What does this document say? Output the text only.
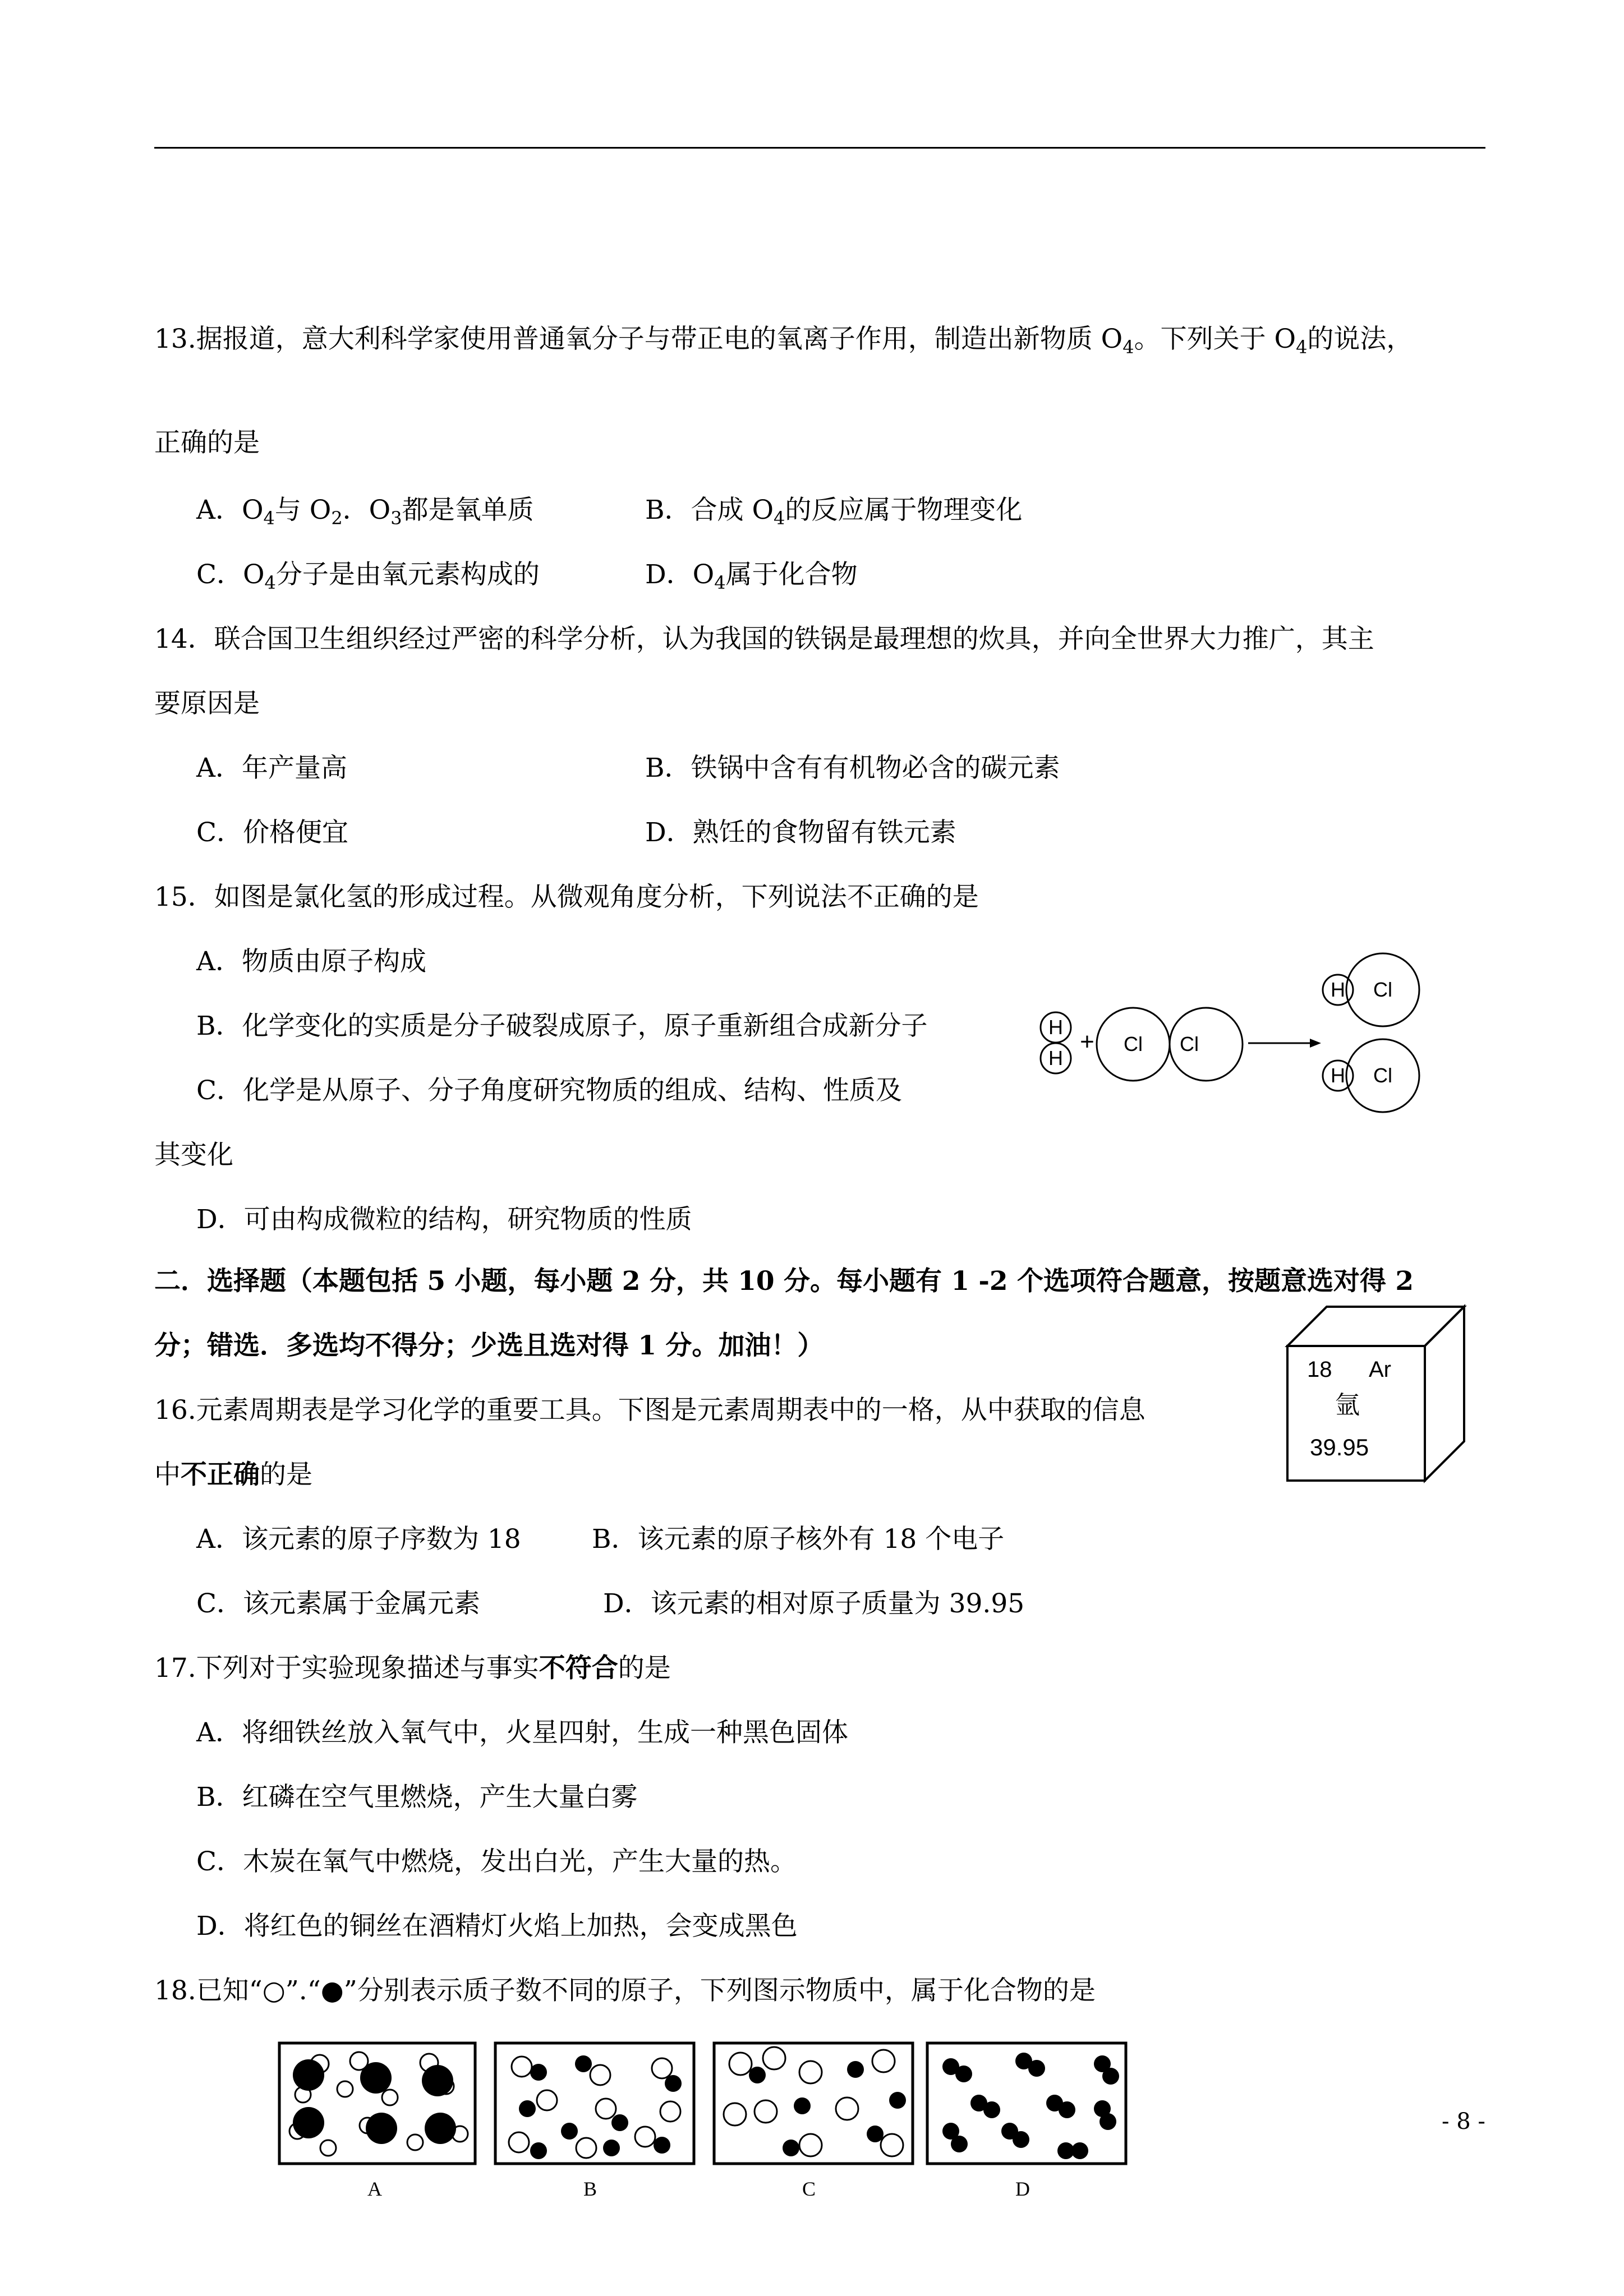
13.据报道，意大利科学家使用普通氧分子与带正电的氧离子作用，制造出新物质 $O_4$。下列关于 $O_4$的说法，
正确的是
A．$O_4$与 $O_2$．$O_3$都是氧单质	B．合成 $O_4$的反应属于物理变化
C．$O_4$分子是由氧元素构成的	D．$O_4$属于化合物
14．联合国卫生组织经过严密的科学分析，认为我国的铁锅是最理想的炊具，并向全世界大力推广，其主
要原因是
A．年产量高	B．铁锅中含有有机物必含的碳元素
C．价格便宜	D．熟饪的食物留有铁元素
15．如图是氯化氢的形成过程。从微观角度分析，下列说法不正确的是
A．物质由原子构成
B．化学变化的实质是分子破裂成原子，原子重新组合成新分子
C．化学是从原子、分子角度研究物质的组成、结构、性质及
其变化
D．可由构成微粒的结构，研究物质的性质
H
H
+ Cl Cl
H Cl
H Cl
二．选择题（本题包括 5 小题，每小题 2 分，共 10 分。每小题有 1 -2 个选项符合题意，按题意选对得 2
分；错选．多选均不得分；少选且选对得 1 分。加油！）
18 Ar
氩
39.95
16.元素周期表是学习化学的重要工具。下图是元素周期表中的一格，从中获取的信息
中不正确的是
A．该元素的原子序数为 18	B．该元素的原子核外有 18 个电子
C．该元素属于金属元素	D．该元素的相对原子质量为 39.95
17.下列对于实验现象描述与事实不符合的是
A．将细铁丝放入氧气中，火星四射，生成一种黑色固体
B．红磷在空气里燃烧，产生大量白雾
C．木炭在氧气中燃烧，发出白光，产生大量的热。
D．将红色的铜丝在酒精灯火焰上加热，会变成黑色
18.已知“○”.“●”分别表示质子数不同的原子，下列图示物质中，属于化合物的是
A	B	C	D
- 8 -
